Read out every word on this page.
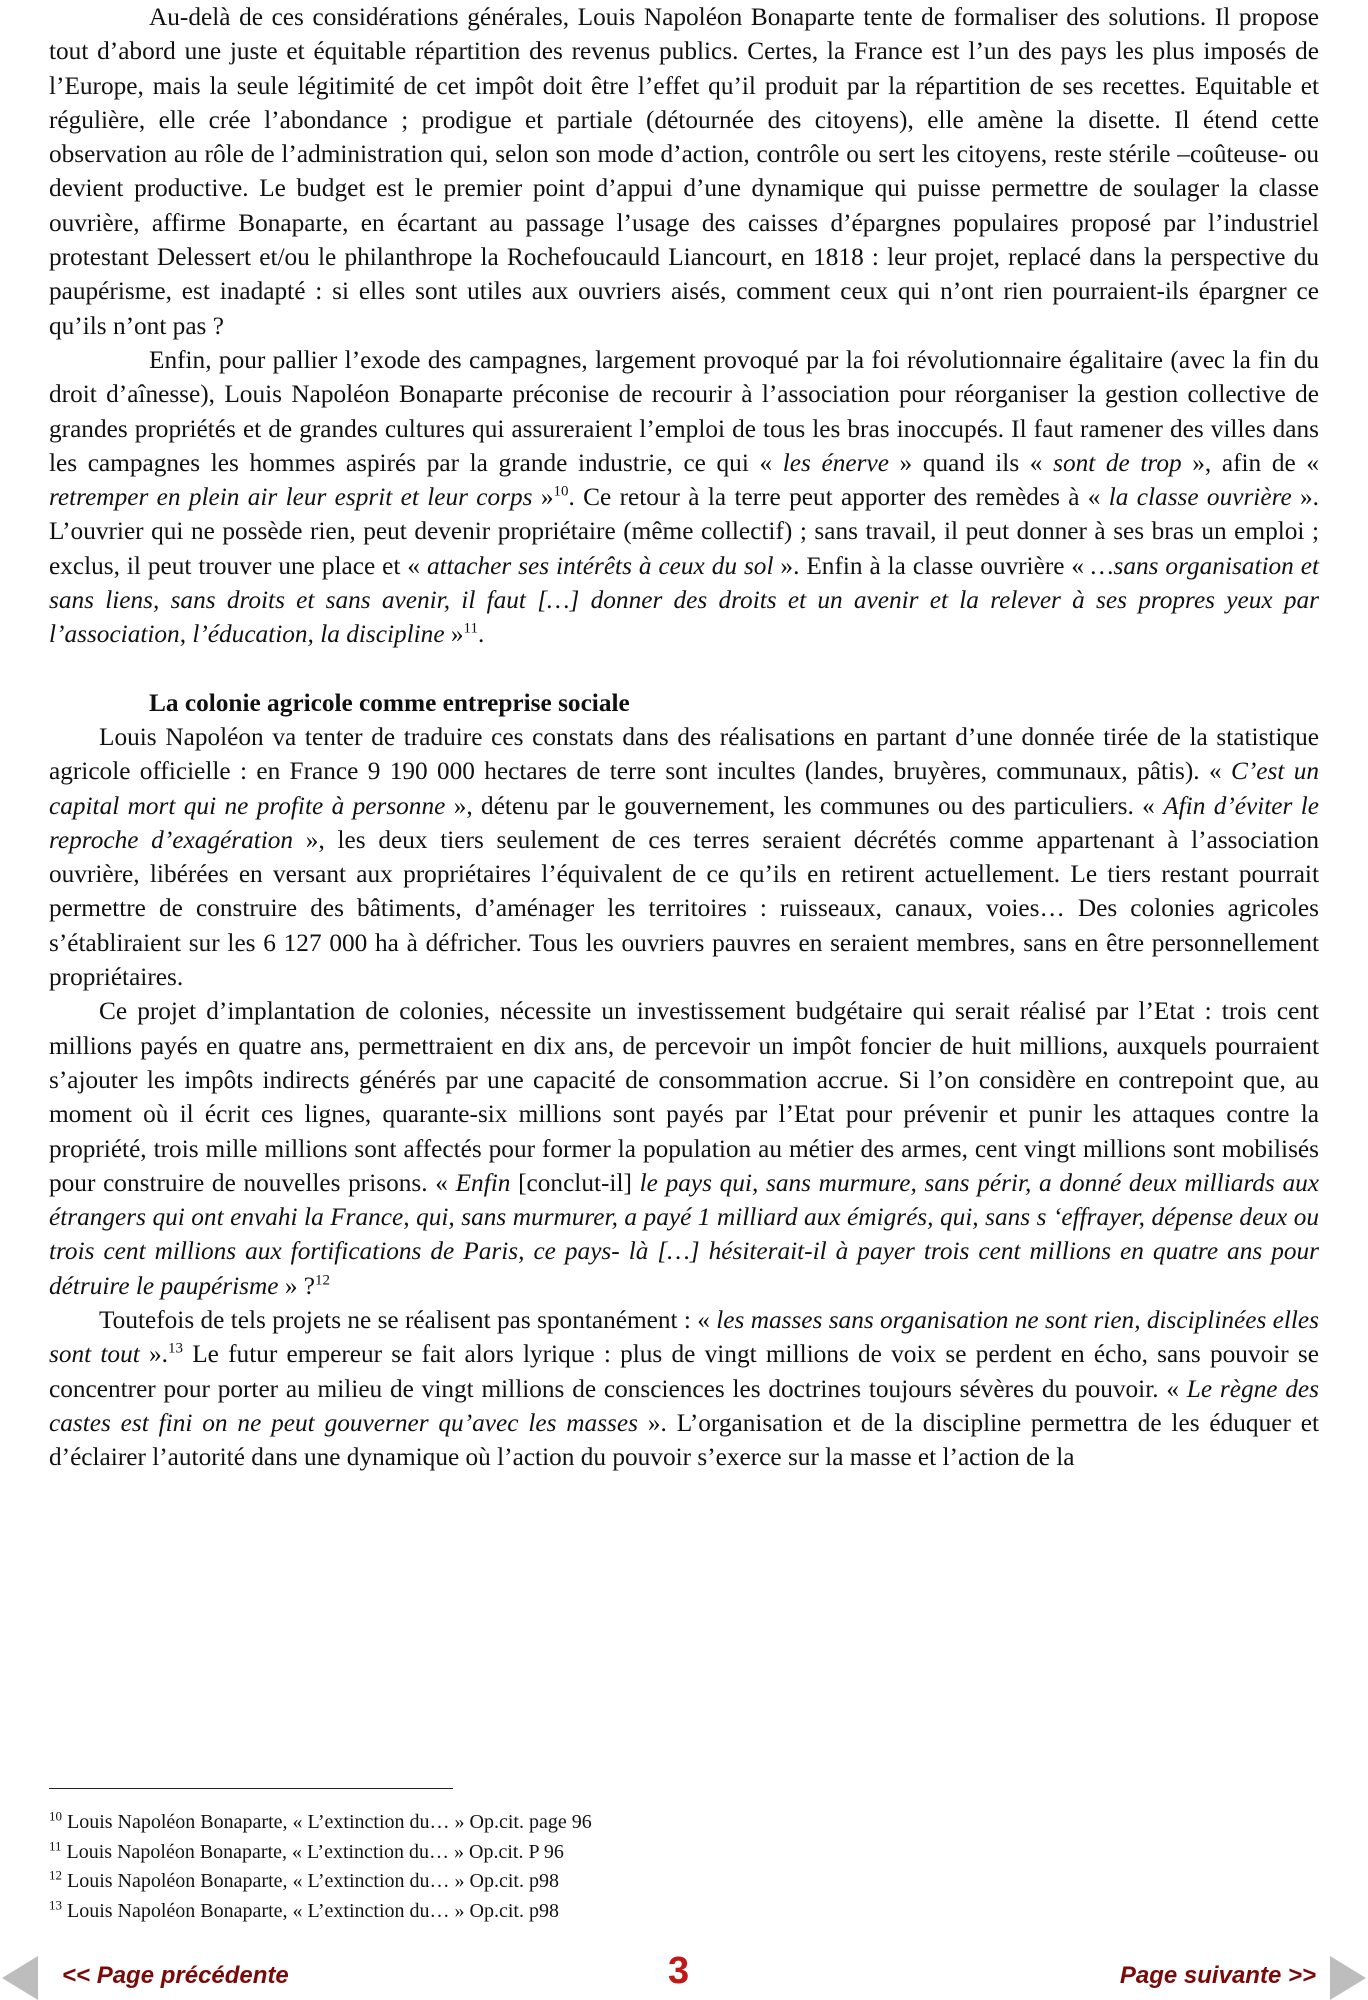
Au-delà de ces considérations générales, Louis Napoléon Bonaparte tente de formaliser des solutions. Il propose tout d’abord une juste et équitable répartition des revenus publics. Certes, la France est l’un des pays les plus imposés de l’Europe, mais la seule légitimité de cet impôt doit être l’effet qu’il produit par la répartition de ses recettes. Equitable et régulière, elle crée l’abondance ; prodigue et partiale (détournée des citoyens), elle amène la disette. Il étend cette observation au rôle de l’administration qui, selon son mode d’action, contrôle ou sert les citoyens, reste stérile –coûteuse- ou devient productive. Le budget est le premier point d’appui d’une dynamique qui puisse permettre de soulager la classe ouvrière, affirme Bonaparte, en écartant au passage l’usage des caisses d’épargnes populaires proposé par l’industriel protestant Delessert et/ou le philanthrope la Rochefoucauld Liancourt, en 1818 : leur projet, replacé dans la perspective du paupérisme, est inadapté : si elles sont utiles aux ouvriers aisés, comment ceux qui n’ont rien pourraient-ils épargner ce qu’ils n’ont pas ?

Enfin, pour pallier l’exode des campagnes, largement provoqué par la foi révolutionnaire égalitaire (avec la fin du droit d’aînesse), Louis Napoléon Bonaparte préconise de recourir à l’association pour réorganiser la gestion collective de grandes propriétés et de grandes cultures qui assureraient l’emploi de tous les bras inoccupés. Il faut ramener des villes dans les campagnes les hommes aspirés par la grande industrie, ce qui « les énerve » quand ils « sont de trop », afin de « retremper en plein air leur esprit et leur corps »$^{10}$. Ce retour à la terre peut apporter des remèdes à « la classe ouvrière ». L’ouvrier qui ne possède rien, peut devenir propriétaire (même collectif) ; sans travail, il peut donner à ses bras un emploi ; exclus, il peut trouver une place et « attacher ses intérêts à ceux du sol ». Enfin à la classe ouvrière « …sans organisation et sans liens, sans droits et sans avenir, il faut […] donner des droits et un avenir et la relever à ses propres yeux par l’association, l’éducation, la discipline »$^{11}$.

La colonie agricole comme entreprise sociale

Louis Napoléon va tenter de traduire ces constats dans des réalisations en partant d’une donnée tirée de la statistique agricole officielle : en France 9 190 000 hectares de terre sont incultes (landes, bruyères, communaux, pâtis). « C’est un capital mort qui ne profite à personne », détenu par le gouvernement, les communes ou des particuliers. « Afin d’éviter le reproche d’exagération », les deux tiers seulement de ces terres seraient décrétés comme appartenant à l’association ouvrière, libérées en versant aux propriétaires l’équivalent de ce qu’ils en retirent actuellement. Le tiers restant pourrait permettre de construire des bâtiments, d’aménager les territoires : ruisseaux, canaux, voies… Des colonies agricoles s’établiraient sur les 6 127 000 ha à défricher. Tous les ouvriers pauvres en seraient membres, sans en être personnellement propriétaires.

Ce projet d’implantation de colonies, nécessite un investissement budgétaire qui serait réalisé par l’Etat : trois cent millions payés en quatre ans, permettraient en dix ans, de percevoir un impôt foncier de huit millions, auxquels pourraient s’ajouter les impôts indirects générés par une capacité de consommation accrue. Si l’on considère en contrepoint que, au moment où il écrit ces lignes, quarante-six millions sont payés par l’Etat pour prévenir et punir les attaques contre la propriété, trois mille millions sont affectés pour former la population au métier des armes, cent vingt millions sont mobilisés pour construire de nouvelles prisons. « Enfin [conclut-il] le pays qui, sans murmure, sans périr, a donné deux milliards aux étrangers qui ont envahi la France, qui, sans murmurer, a payé 1 milliard aux émigrés, qui, sans s ‘effrayer, dépense deux ou trois cent millions aux fortifications de Paris, ce pays- là […] hésiterait-il à payer trois cent millions en quatre ans pour détruire le paupérisme » ?$^{12}$

Toutefois de tels projets ne se réalisent pas spontanément : « les masses sans organisation ne sont rien, disciplinées elles sont tout ».$^{13}$ Le futur empereur se fait alors lyrique : plus de vingt millions de voix se perdent en écho, sans pouvoir se concentrer pour porter au milieu de vingt millions de consciences les doctrines toujours sévères du pouvoir. « Le règne des castes est fini on ne peut gouverner qu’avec les masses ». L’organisation et de la discipline permettra de les éduquer et d’éclairer l’autorité dans une dynamique où l’action du pouvoir s’exerce sur la masse et l’action de la

$^{10}$ Louis Napoléon Bonaparte, « L’extinction du… » Op.cit. page 96
$^{11}$ Louis Napoléon Bonaparte, « L’extinction du… » Op.cit. P 96
$^{12}$ Louis Napoléon Bonaparte, « L’extinction du… » Op.cit. p98
$^{13}$ Louis Napoléon Bonaparte, « L’extinction du… » Op.cit. p98
<< Page précédente	3	Page suivante >>
